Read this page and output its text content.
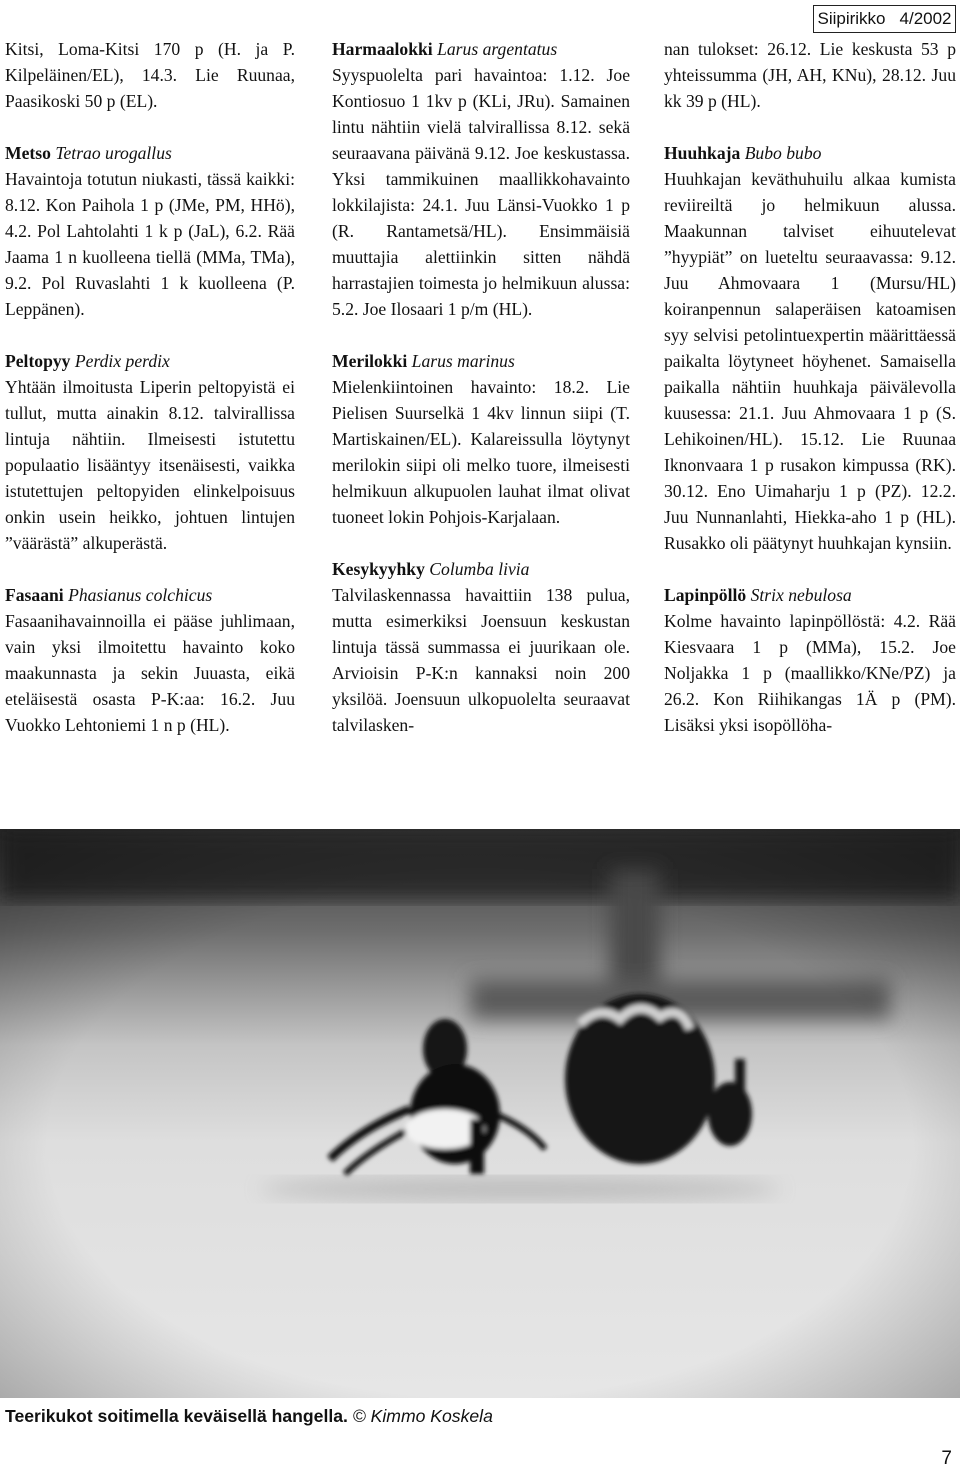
Siipirikko 4/2002

Kitsi, Loma-Kitsi 170 p (H. ja P. Kilpeläinen/EL), 14.3. Lie Ruunaa, Paasikoski 50 p (EL).

Metso Tetrao urogallus
Havaintoja totutun niukasti, tässä kaikki: 8.12. Kon Paihola 1 p (JMe, PM, HHö), 4.2. Pol Lahtolahti 1 k p (JaL), 6.2. Rää Jaama 1 n kuolleena tiellä (MMa, TMa), 9.2. Pol Ruvaslahti 1 k kuolleena (P. Leppänen).

Peltopyy Perdix perdix
Yhtään ilmoitusta Liperin peltopyistä ei tullut, mutta ainakin 8.12. talvirallissa lintuja nähtiin. Ilmeisesti istutettu populaatio lisääntyy itsenäisesti, vaikka istutettujen peltopyiden elinkelpoisuus onkin usein heikko, johtuen lintujen ”väärästä” alkuperästä.

Fasaani Phasianus colchicus
Fasaanihavainnoilla ei pääse juhlimaan, vain yksi ilmoitettu havainto koko maakunnasta ja sekin Juuasta, eikä eteläisestä osasta P-K:aa: 16.2. Juu Vuokko Lehtoniemi 1 n p (HL).

Harmaalokki Larus argentatus
Syyspuolelta pari havaintoa: 1.12. Joe Kontiosuo 1 1kv p (KLi, JRu). Samainen lintu nähtiin vielä talvirallissa 8.12. sekä seuraavana päivänä 9.12. Joe keskustassa. Yksi tammikuinen maallikkohavainto lokkilajista: 24.1. Juu Länsi-Vuokko 1 p (R. Rantametsä/HL). Ensimmäisiä muuttajia alettiinkin sitten nähdä harrastajien toimesta jo helmikuun alussa: 5.2. Joe Ilosaari 1 p/m (HL).

Merilokki Larus marinus
Mielenkiintoinen havainto: 18.2. Lie Pielisen Suurselkä 1 4kv linnun siipi (T. Martiskainen/EL). Kalareissulla löytynyt merilokin siipi oli melko tuore, ilmeisesti helmikuun alkupuolen lauhat ilmat olivat tuoneet lokin Pohjois-Karjalaan.

Kesykyyhky Columba livia
Talvilaskennassa havaittiin 138 pulua, mutta esimerkiksi Joensuun keskustan lintuja tässä summassa ei juurikaan ole. Arvioisin P-K:n kannaksi noin 200 yksilöä. Joensuun ulkopuolelta seuraavat talvilasken-

nan tulokset: 26.12. Lie keskusta 53 p yhteissumma (JH, AH, KNu), 28.12. Juu kk 39 p (HL).

Huuhkaja Bubo bubo
Huuhkajan keväthuhuilu alkaa kumista reviireiltä jo helmikuun alussa. Maakunnan talviset eihuutelevat ”hyypiät” on lueteltu seuraavassa: 9.12. Juu Ahmovaara 1 (Mursu/HL) koiranpennun salaperäisen katoamisen syy selvisi petolintuexpertin määrittäessä paikalta löytyneet höyhenet. Samaisella paikalla nähtiin huuhkaja päivälevolla kuusessa: 21.1. Juu Ahmovaara 1 p (S. Lehikoinen/HL). 15.12. Lie Ruunaa Iknonvaara 1 p rusakon kimpussa (RK). 30.12. Eno Uimaharju 1 p (PZ). 12.2. Juu Nunnanlahti, Hiekka-aho 1 p (HL). Rusakko oli päätynyt huuhkajan kynsiin.

Lapinpöllö Strix nebulosa
Kolme havainto lapinpöllöstä: 4.2. Rää Kiesvaara 1 p (MMa), 15.2. Joe Noljakka 1 p (maallikko/KNe/PZ) ja 26.2. Kon Riihikangas 1Ä p (PM). Lisäksi yksi isopöllöha-

Teerikukot soitimella keväisellä hangella. © Kimmo Koskela
7
